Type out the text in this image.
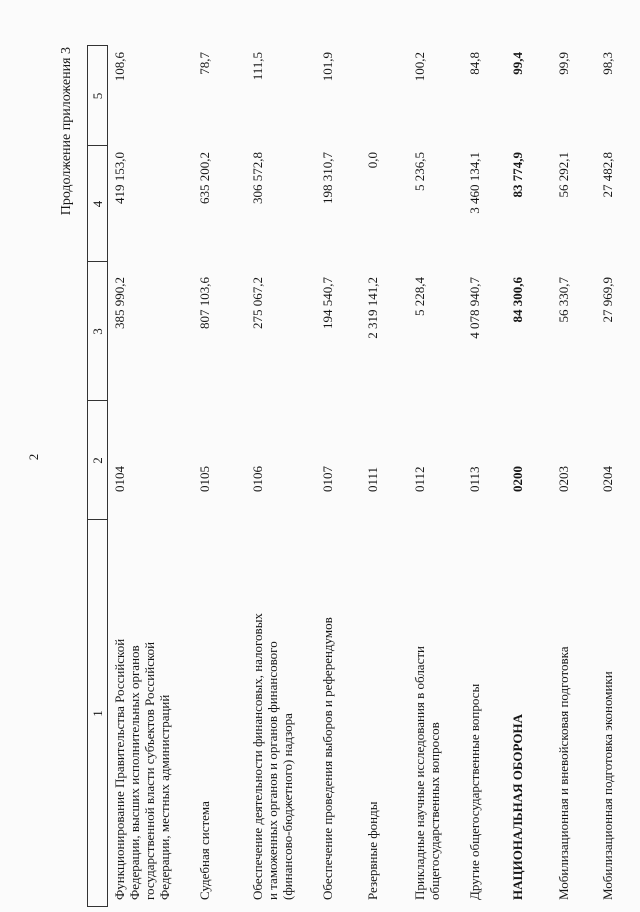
2
Продолжение приложения 3
1
2
3
4
5
Функционирование Правительства Российской Федерации, высших исполнительных органов государственной власти субъектов Российской Федерации, местных администраций
0104
385 990,2
419 153,0
108,6
Судебная система
0105
807 103,6
635 200,2
78,7
Обеспечение деятельности финансовых, налоговых и таможенных органов и органов финансового (финансово-бюджетного) надзора
0106
275 067,2
306 572,8
111,5
Обеспечение проведения выборов и референдумов
0107
194 540,7
198 310,7
101,9
Резервные фонды
0111
2 319 141,2
0,0
Прикладные научные исследования в области общегосударственных вопросов
0112
5 228,4
5 236,5
100,2
Другие общегосударственные вопросы
0113
4 078 940,7
3 460 134,1
84,8
НАЦИОНАЛЬНАЯ ОБОРОНА
0200
84 300,6
83 774,9
99,4
Мобилизационная и вневойсковая подготовка
0203
56 330,7
56 292,1
99,9
Мобилизационная подготовка экономики
0204
27 969,9
27 482,8
98,3
